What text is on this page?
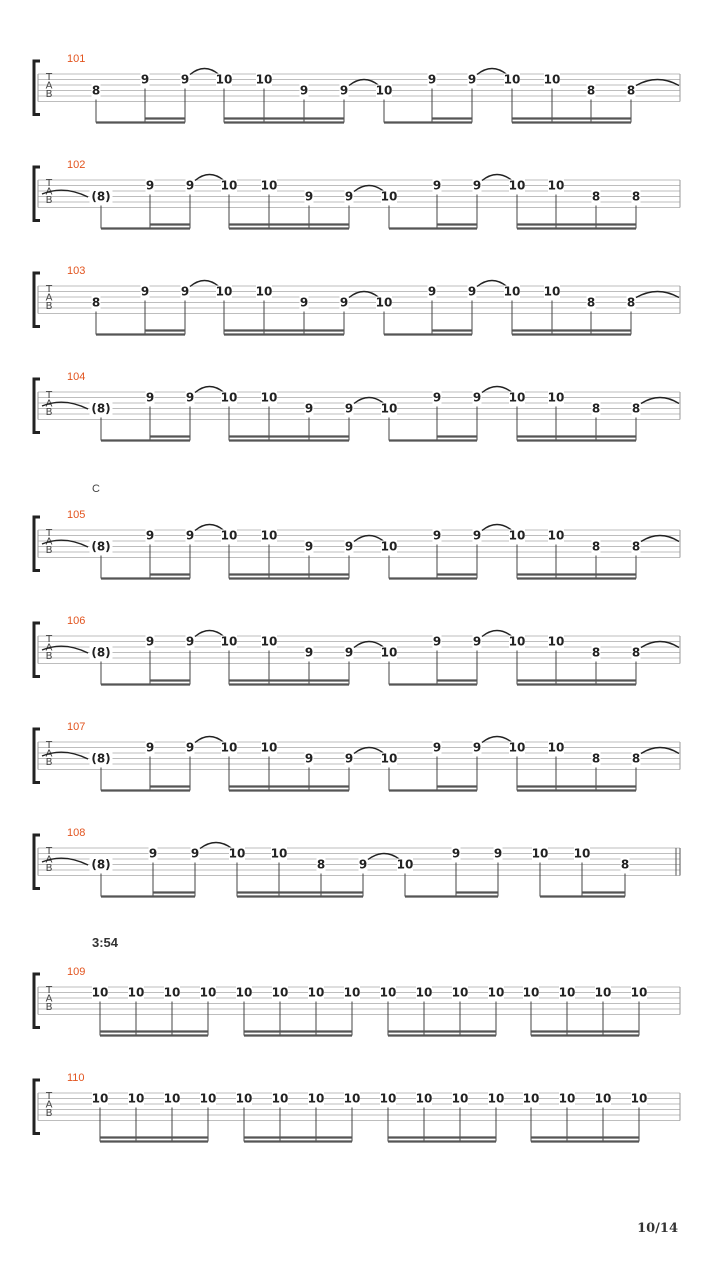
T
A
B
101
8
9	9 10 10
9	9 10
9	9 10 10
8	8
T
A
B
102
(8)
9	9 10 10
9	9 10
9	9 10 10
8	8
T
A
B
103
8
9	9 10 10
9	9 10
9	9 10 10
8	8
T
A
B
104
(8)
9	9 10 10
9	9 10
9	9 10 10
8	8
T
A
B
105
(8)
9	9 10 10
9	9 10
9	9 10 10
8	8
T
A
B
106
(8)
9	9 10 10
9	9 10
9	9 10 10
8	8
T
A
B
107
(8)
9	9 10 10
9	9 10
9	9 10 10
8	8
T
A
B
108
(8)
9	9 10 10
8	9 10
9	9 10 10
8
T
A
B
109
10 10 10 10 10 10 10 10 10 10 10 10 10 10 10 10
T
A
B
110
10 10 10 10 10 10 10 10 10 10 10 10 10 10 10 10
C
3:54
10/14
